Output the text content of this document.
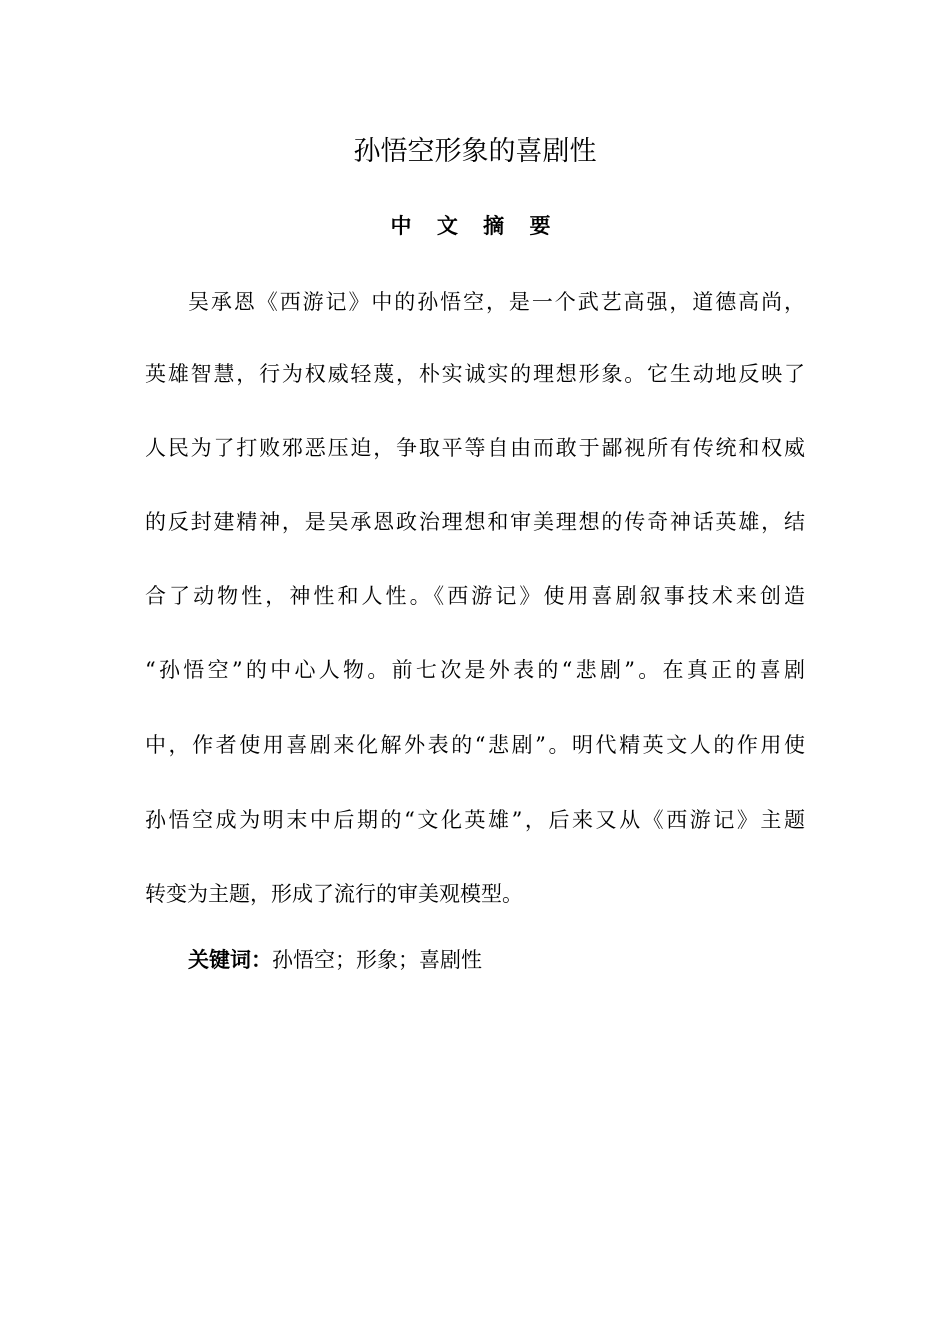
孙悟空形象的喜剧性
中 文 摘 要

吴承恩《西游记》中的孙悟空，是一个武艺高强，道德高尚，

英雄智慧，行为权威轻蔑，朴实诚实的理想形象。它生动地反映了

人民为了打败邪恶压迫，争取平等自由而敢于鄙视所有传统和权威

的反封建精神，是吴承恩政治理想和审美理想的传奇神话英雄，结

合了动物性，神性和人性。《西游记》使用喜剧叙事技术来创造

“孙悟空”的中心人物。前七次是外表的“悲剧”。在真正的喜剧

中，作者使用喜剧来化解外表的“悲剧”。明代精英文人的作用使

孙悟空成为明末中后期的“文化英雄”，后来又从《西游记》主题

转变为主题，形成了流行的审美观模型。

关键词：孙悟空；形象；喜剧性
